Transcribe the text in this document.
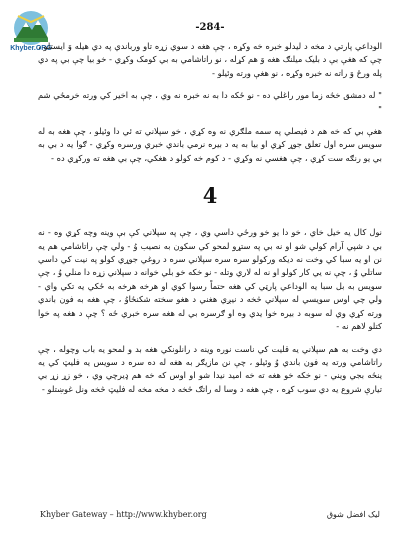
Khyber.ORG
-284-

الوداعي پارتي د مخه د ليدلو خبره خه وکړه ، چې هغه د سوي زړه تاو ورباندي په دي هيله وَ ايستلو ، چې که هغې بې د بليک ميلنګ هغه وَ هم کړله ، نو راتاشامي به بي کومک وکړي - خو بيا چې بي په دي پله ورځ وَ راته نه خبره وکړه ، نو هغې ورته وئيلو -

" له دمشق خځه زما مور راغلي ده - نو ځکه دا به نه خبره نه وي ، چې به اخير کي ورته خرمځي شم "

هغې بي که خه هم د فيصلي په سمه ملګري نه وه کړي ، خو سپلاني ته ئي دا وئيلو ، چې هغه به له سويس سره اول تعلق جوړ کړي او بيا به يه د بيره نرمي باندي خبري ورسره وکړي - ګوا يه د بي به بي يو رنګه ست کړي ، چې هغسي نه وکړي - د کوم خه کولو د هغکي، چې بي هغه ته ورکړي ده -

4

نول کال يه خيل خاي ، خو دا يو خو ورځي داسي وي ، چې په سپلاني کې بې وينه وچه کړي وه - نه بي د شپي آرام کولي شو او نه بي په ستړو لمحو کي سکون به نصيب وُ - ولي چې راتاشامي هم يه نن او يه سبا کي وخت نه ديکه وركولو سره سره سپلاني سره د روغي جوړي کولو په نيت کي داسي ساتلي وُ ، چې نه يي کار کولو او نه له لاري وتله - نو خکه خو بلي خوانه د سپلاني زړه دا منلي وُ ، چې سويس به بل سبا يه الوداعي پارټي کي هغه حتماً رسوا کوي او هرخه هرخه به ځکي يه تکي واي - ولي چي اوس سويسي له سپلاني څخه د نيږي هغني د هغو سخته شکنځاوُ ، چې هغه به فون باندي ورته کړي وي له سوبه د بيره خوا يدي وه او ګرسره بي له هغه سره خبري ځه ؟ چې د هغه په خوا کتلو لاهم نه -

دي وخت به هم سپلاني يه قليت کي ناست نوره وينه د رانلونکي هغه بد و لمحو يه باب وچوله ، چې راتاشامي ورته يه فون باندي وُ وئيلو ، چې نن مازيګر به هغه له ده سره د سويس يه فليټ کي يه ينځه بجي ويني - نو خکه خو هغه ته خه اميد نيدا شو او اوس که خه هم ډيرچي وي ، خو زړ زړ بي تيارې شروع يه دي سوب کړه ، چې هغه د وسا له راتګ څخه د مخه مخه له فليټ څخه ونل غوښتلو -

Khyber Gateway – http://www.khyber.org	ليک افضل شوق
